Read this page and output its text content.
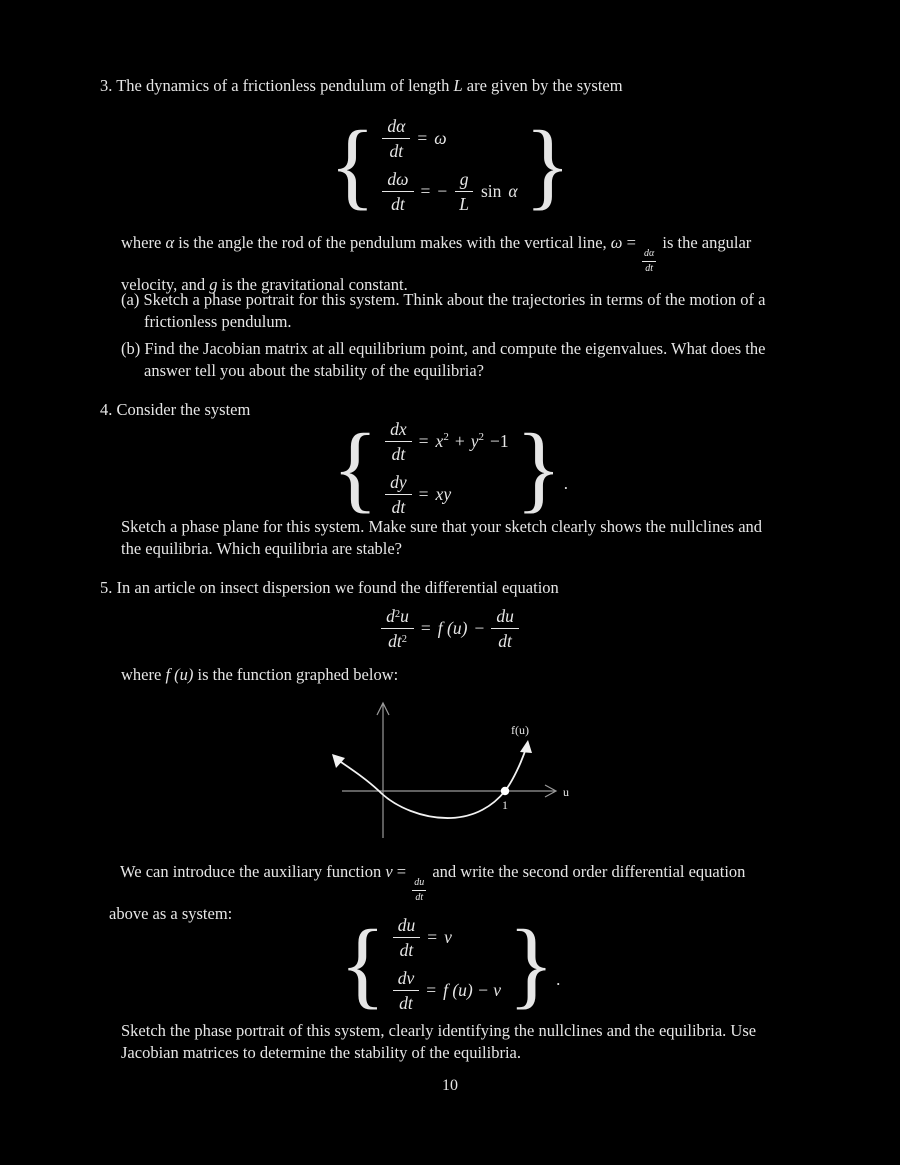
3. The dynamics of a frictionless pendulum of length L are given by the system
{ $\frac{d\alpha}{dt} = \omega$
$\frac{d\omega}{dt}$ = − $\frac{g}{L}$ sin α }
where α is the angle the rod of the pendulum makes with the vertical line, ω =
$\frac{d\alpha}{dt}$
is the angular
velocity, and g is the gravitational constant.
(a) Sketch a phase portrait for this system. Think about the trajectories in terms of the motion of a
frictionless pendulum.
(b) Find the Jacobian matrix at all equilibrium point, and compute the eigenvalues. What does the
answer tell you about the stability of the equilibria?
4. Consider the system
{ $\frac{dx}{dt} = x^2 + y^2 -1$
$\frac{dy}{dt}$ = xy } .
Sketch a phase plane for this system. Make sure that your sketch clearly shows the nullclines and
the equilibria. Which equilibria are stable?
5. In an article on insect dispersion we found the differential equation
$\frac{d^2u}{dt^2} = f$ $(u) - \frac{du}{dt}$
where f (u) is the function graphed below:
1
f(u)
u
We can introduce the auxiliary function v =
$\frac{du}{dt}$
and write the second order differential equation
above as a system:	{ $\frac{du}{dt} = v$
$\frac{dv}{dt} = f$ (u) − v } .
Sketch the phase portrait of this system, clearly identifying the nullclines and the equilibria. Use
Jacobian matrices to determine the stability of the equilibria.
10
